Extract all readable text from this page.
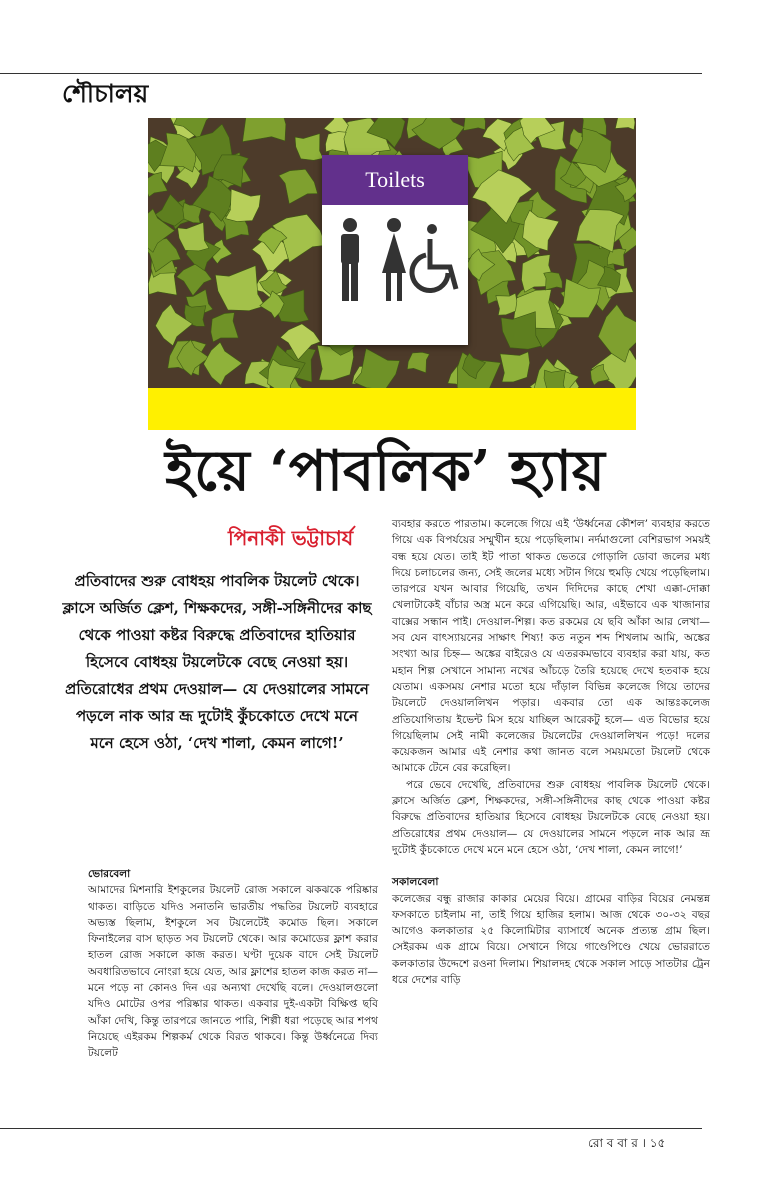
শৌচালয়
Toilets
ইয়ে ‘পাবলিক’ হ্যায়
পিনাকী ভট্টাচার্য
প্রতিবাদের শুরু বোধহয় পাবলিক টয়লেট থেকে। ক্লাসে অর্জিত ক্লেশ, শিক্ষকদের, সঙ্গী-সঙ্গিনীদের কাছ থেকে পাওয়া কষ্টর বিরুদ্ধে প্রতিবাদের হাতিয়ার হিসেবে বোধহয় টয়লেটকে বেছে নেওয়া হয়। প্রতিরোধের প্রথম দেওয়াল— যে দেওয়ালের সামনে পড়লে নাক আর ভ্রূ দুটোই কুঁচকোতে দেখে মনে মনে হেসে ওঠা, ‘দেখ শালা, কেমন লাগে!’

ভোরবেলা

আমাদের মিশনারি ইশকুলের টয়লেট রোজ সকালে ঝকঝকে পরিষ্কার থাকত। বাড়িতে যদিও সনাতনি ভারতীয় পদ্ধতির টয়লেট ব্যবহারে অভ্যস্ত ছিলাম, ইশকুলে সব টয়লেটেই কমোড ছিল। সকালে ফিনাইলের বাস ছাড়ত সব টয়লেট থেকে। আর কমোডের ফ্লাশ করার হাতল রোজ সকালে কাজ করত। ঘণ্টা দুয়েক বাদে সেই টয়লেট অবধারিতভাবে নোংরা হয়ে যেত, আর ফ্লাশের হাতল কাজ করত না— মনে পড়ে না কোনও দিন এর অন্যথা দেখেছি বলে। দেওয়ালগুলো যদিও মোটের ওপর পরিষ্কার থাকত। একবার দুই-একটা বিক্ষিপ্ত ছবি আঁকা দেখি, কিন্তু তারপরে জানতে পারি, শিল্পী ধরা পড়েছে আর শপথ নিয়েছে এইরকম শিল্পকর্ম থেকে বিরত থাকবে। কিন্তু উর্ধ্বনেত্রে দিব্য টয়লেট

ব্যবহার করতে পারতাম। কলেজে গিয়ে এই ‘উর্ধ্বনেত্র কৌশল’ ব্যবহার করতে গিয়ে এক বিপর্যয়ের সম্মুখীন হয়ে পড়েছিলাম। নর্দমাগুলো বেশিরভাগ সময়ই বন্ধ হয়ে যেত। তাই ইট পাতা থাকত ভেতরে গোড়ালি ডোবা জলের মধ্য দিয়ে চলাচলের জন্য, সেই জলের মধ্যে সটান গিয়ে হুমড়ি খেয়ে পড়েছিলাম। তারপরে যখন আবার গিয়েছি, তখন দিদিদের কাছে শেখা এক্কা-দোক্কা খেলাটাকেই বাঁচার অস্ত্র মনে করে এগিয়েছি। আর, এইভাবে এক খাজানার বাক্সের সন্ধান পাই। দেওয়াল-শিল্প। কত রকমের যে ছবি আঁকা আর লেখা— সব যেন বাৎস্যায়নের সাক্ষাৎ শিষ্য! কত নতুন শব্দ শিখলাম আমি, অঙ্কের সংখ্যা আর চিহ্ন— অঙ্কের বাইরেও যে এতরকমভাবে ব্যবহার করা যায়, কত মহান শিল্প সেখানে সামান্য নখের আঁচড়ে তৈরি হয়েছে দেখে হতবাক হয়ে যেতাম। একসময় নেশার মতো হয়ে দাঁড়াল বিভিন্ন কলেজে গিয়ে তাদের টয়লেটে দেওয়াললিখন পড়ার। একবার তো এক আন্তঃকলেজ প্রতিযোগিতায় ইভেন্ট মিস হয়ে যাচ্ছিল আরেকটু হলে— এত বিভোর হয়ে গিয়েছিলাম সেই নামী কলেজের টয়লেটের দেওয়াললিখন পড়ে! দলের কয়েকজন আমার এই নেশার কথা জানত বলে সময়মতো টয়লেট থেকে আমাকে টেনে বের করেছিল।

পরে ভেবে দেখেছি, প্রতিবাদের শুরু বোধহয় পাবলিক টয়লেট থেকে। ক্লাসে অর্জিত ক্লেশ, শিক্ষকদের, সঙ্গী-সঙ্গিনীদের কাছ থেকে পাওয়া কষ্টর বিরুদ্ধে প্রতিবাদের হাতিয়ার হিসেবে বোধহয় টয়লেটকে বেছে নেওয়া হয়। প্রতিরোধের প্রথম দেওয়াল— যে দেওয়ালের সামনে পড়লে নাক আর ভ্রূ দুটোই কুঁচকোতে দেখে মনে মনে হেসে ওঠা, ‘দেখ শালা, কেমন লাগে!’

সকালবেলা

কলেজের বন্ধু রাজার কাকার মেয়ের বিয়ে। গ্রামের বাড়ির বিয়ের নেমন্তন্ন ফসকাতে চাইলাম না, তাই গিয়ে হাজির হলাম। আজ থেকে ৩০-৩২ বছর আগেও কলকাতার ২৫ কিলোমিটার ব্যাসার্ধে অনেক প্রত্যন্ত গ্রাম ছিল। সেইরকম এক গ্রামে বিয়ে। সেখানে গিয়ে গাণ্ডেপিণ্ডে খেয়ে ভোররাতে কলকাতার উদ্দেশে রওনা দিলাম। শিয়ালদহ থেকে সকাল সাড়ে সাতটার ট্রেন ধরে দেশের বাড়ি

রো ব বা র । ১৫
